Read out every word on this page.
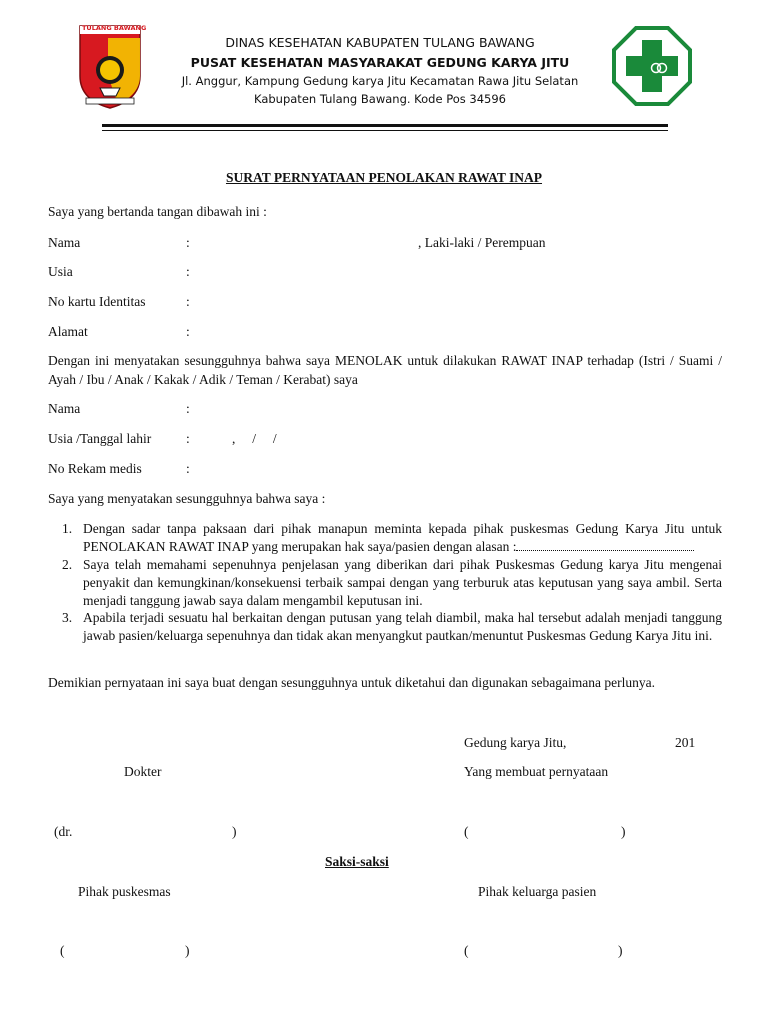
TULANG BAWANG
DINAS KESEHATAN KABUPATEN TULANG BAWANG
PUSAT KESEHATAN MASYARAKAT GEDUNG KARYA JITU
Jl. Anggur, Kampung Gedung karya Jitu Kecamatan Rawa Jitu Selatan
Kabupaten Tulang Bawang. Kode Pos 34596
SURAT PERNYATAAN PENOLAKAN RAWAT INAP
Saya yang bertanda tangan dibawah ini :
Nama	:	, Laki-laki / Perempuan
Usia	:
No kartu Identitas	:
Alamat	:
Dengan ini menyatakan sesungguhnya bahwa saya MENOLAK untuk dilakukan RAWAT INAP terhadap (Istri / Suami / Ayah / Ibu / Anak / Kakak / Adik / Teman / Kerabat) saya
Nama	:
Usia /Tanggal lahir	:	,     /     /
No Rekam medis	:
Saya yang menyatakan sesungguhnya bahwa saya :
1. Dengan sadar tanpa paksaan dari pihak manapun meminta kepada pihak puskesmas Gedung Karya Jitu untuk PENOLAKAN RAWAT INAP yang merupakan hak saya/pasien dengan alasan :
2. Saya telah memahami sepenuhnya penjelasan yang diberikan dari pihak Puskesmas Gedung karya Jitu mengenai penyakit dan kemungkinan/konsekuensi terbaik sampai dengan yang terburuk atas keputusan yang saya ambil. Serta menjadi tanggung jawab saya dalam mengambil keputusan ini.
3. Apabila terjadi sesuatu hal berkaitan dengan putusan yang telah diambil, maka hal tersebut adalah menjadi tanggung jawab pasien/keluarga sepenuhnya dan tidak akan menyangkut pautkan/menuntut Puskesmas Gedung Karya Jitu ini.
Demikian pernyataan ini saya buat dengan sesungguhnya untuk diketahui dan digunakan sebagaimana perlunya.
Gedung karya Jitu,	201
Dokter	Yang membuat pernyataan
(dr.	)	(	)
Saksi-saksi
Pihak puskesmas	Pihak keluarga pasien
(	)	(	)
